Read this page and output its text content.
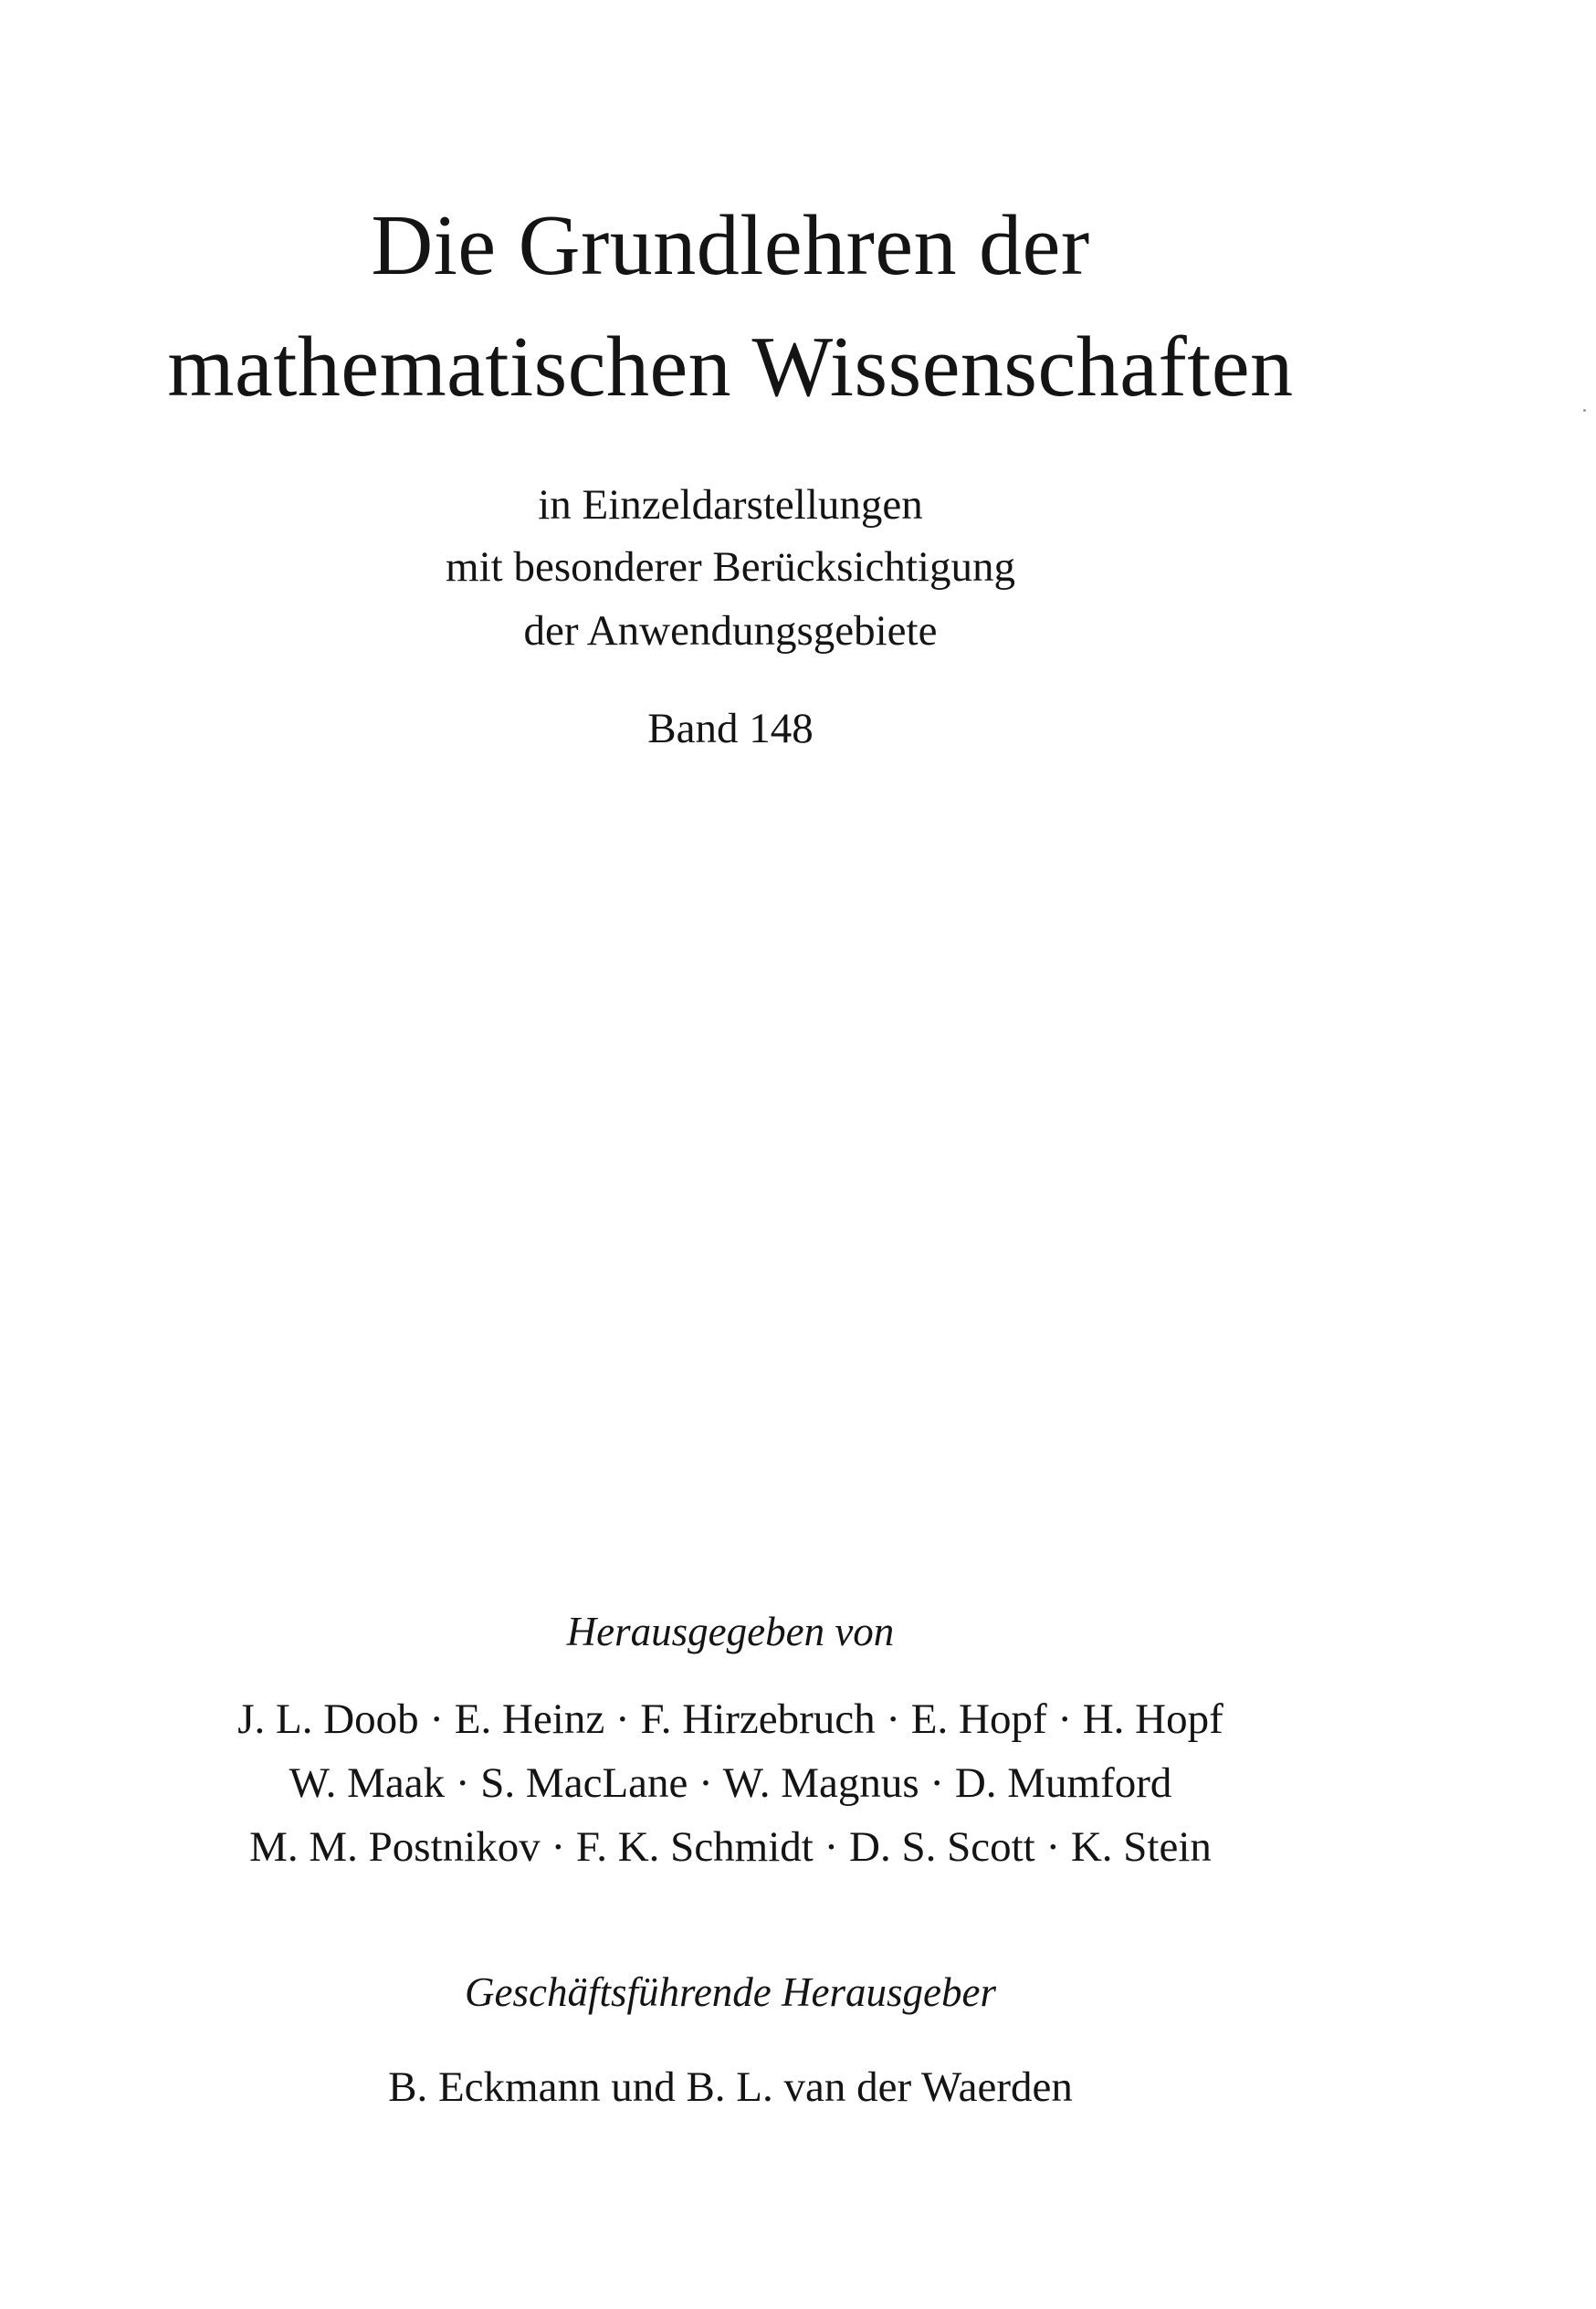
Die Grundlehren der
mathematischen Wissenschaften
in Einzeldarstellungen
mit besonderer Berücksichtigung
der Anwendungsgebiete
Band 148
Herausgegeben von
J. L. Doob · E. Heinz · F. Hirzebruch · E. Hopf · H. Hopf
W. Maak · S. MacLane · W. Magnus · D. Mumford
M. M. Postnikov · F. K. Schmidt · D. S. Scott · K. Stein
Geschäftsführende Herausgeber
B. Eckmann und B. L. van der Waerden
